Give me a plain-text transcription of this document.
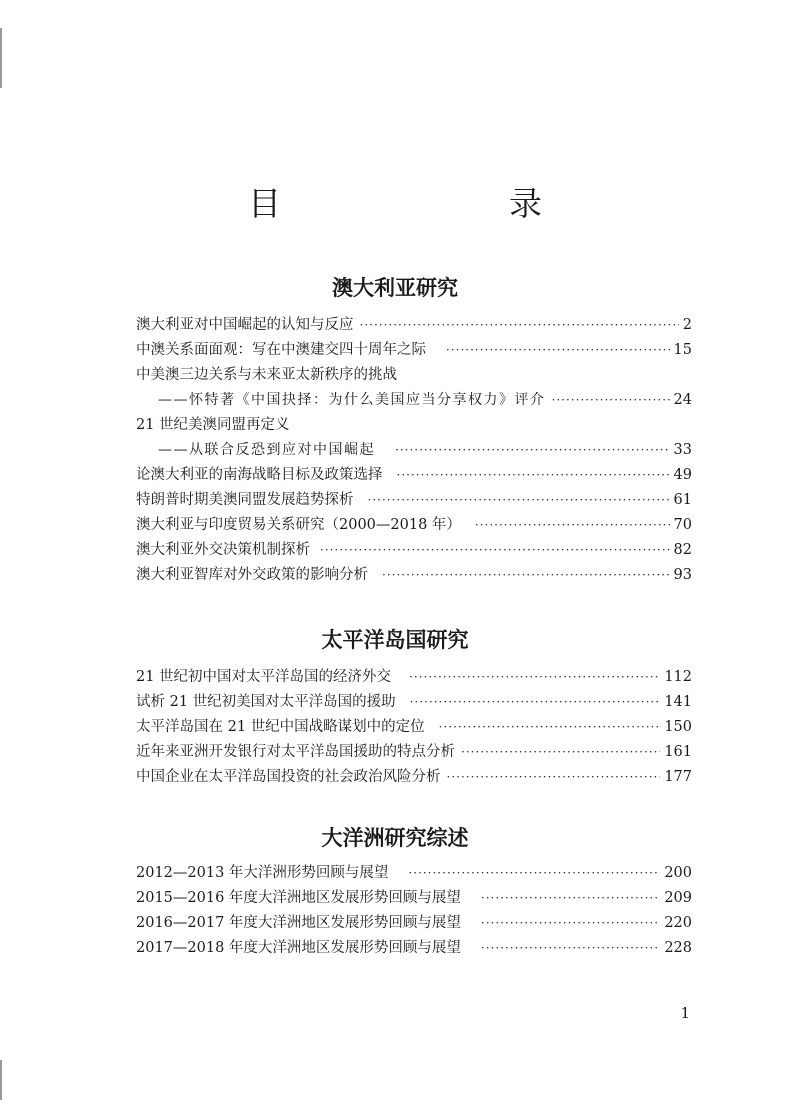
目　　录
澳大利亚研究
澳大利亚对中国崛起的认知与反应 ·····	2
中澳关系面面观：写在中澳建交四十周年之际 ·····	15
中美澳三边关系与未来亚太新秩序的挑战
——怀特著《中国抉择：为什么美国应当分享权力》评介 ·····	24
21 世纪美澳同盟再定义
——从联合反恐到应对中国崛起 ·····	33
论澳大利亚的南海战略目标及政策选择 ·····	49
特朗普时期美澳同盟发展趋势探析 ·····	61
澳大利亚与印度贸易关系研究（2000—2018 年） ·····	70
澳大利亚外交决策机制探析 ·····	82
澳大利亚智库对外交政策的影响分析 ·····	93
太平洋岛国研究
21 世纪初中国对太平洋岛国的经济外交 ·····	112
试析 21 世纪初美国对太平洋岛国的援助 ·····	141
太平洋岛国在 21 世纪中国战略谋划中的定位 ·····	150
近年来亚洲开发银行对太平洋岛国援助的特点分析 ·····	161
中国企业在太平洋岛国投资的社会政治风险分析 ·····	177
大洋洲研究综述
2012—2013 年大洋洲形势回顾与展望 ·····	200
2015—2016 年度大洋洲地区发展形势回顾与展望 ·····	209
2016—2017 年度大洋洲地区发展形势回顾与展望 ·····	220
2017—2018 年度大洋洲地区发展形势回顾与展望 ·····	228
1
